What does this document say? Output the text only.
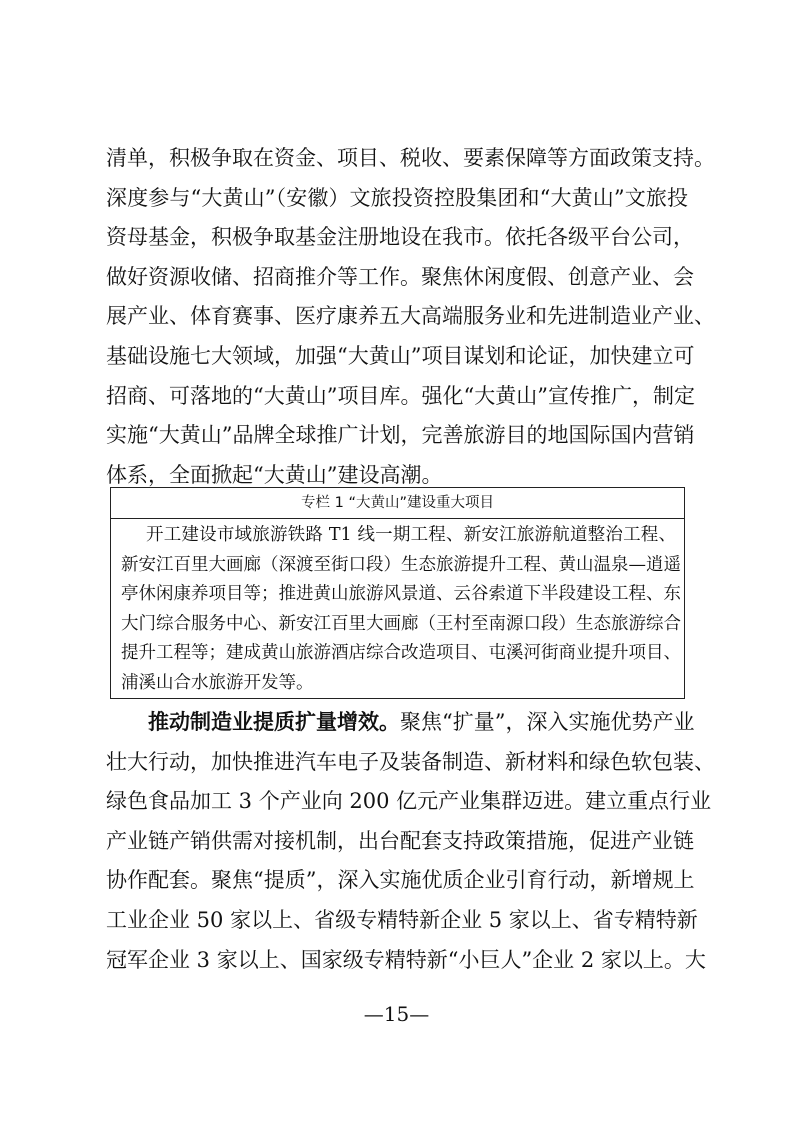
清单，积极争取在资金、项目、税收、要素保障等方面政策支持。
深度参与“大黄山”（安徽）文旅投资控股集团和“大黄山”文旅投
资母基金，积极争取基金注册地设在我市。依托各级平台公司，
做好资源收储、招商推介等工作。聚焦休闲度假、创意产业、会
展产业、体育赛事、医疗康养五大高端服务业和先进制造业产业、
基础设施七大领域，加强“大黄山”项目谋划和论证，加快建立可
招商、可落地的“大黄山”项目库。强化“大黄山”宣传推广，制定
实施“大黄山”品牌全球推广计划，完善旅游目的地国际国内营销
体系，全面掀起“大黄山”建设高潮。
专栏 1 “大黄山”建设重大项目
开工建设市域旅游铁路 T1 线一期工程、新安江旅游航道整治工程、
新安江百里大画廊（深渡至街口段）生态旅游提升工程、黄山温泉—逍遥
亭休闲康养项目等；推进黄山旅游风景道、云谷索道下半段建设工程、东
大门综合服务中心、新安江百里大画廊（王村至南源口段）生态旅游综合
提升工程等；建成黄山旅游酒店综合改造项目、屯溪河街商业提升项目、
浦溪山合水旅游开发等。
推动制造业提质扩量增效。聚焦“扩量”，深入实施优势产业
壮大行动，加快推进汽车电子及装备制造、新材料和绿色软包装、
绿色食品加工 3 个产业向 200 亿元产业集群迈进。建立重点行业
产业链产销供需对接机制，出台配套支持政策措施，促进产业链
协作配套。聚焦“提质”，深入实施优质企业引育行动，新增规上
工业企业 50 家以上、省级专精特新企业 5 家以上、省专精特新
冠军企业 3 家以上、国家级专精特新“小巨人”企业 2 家以上。大
—15—
